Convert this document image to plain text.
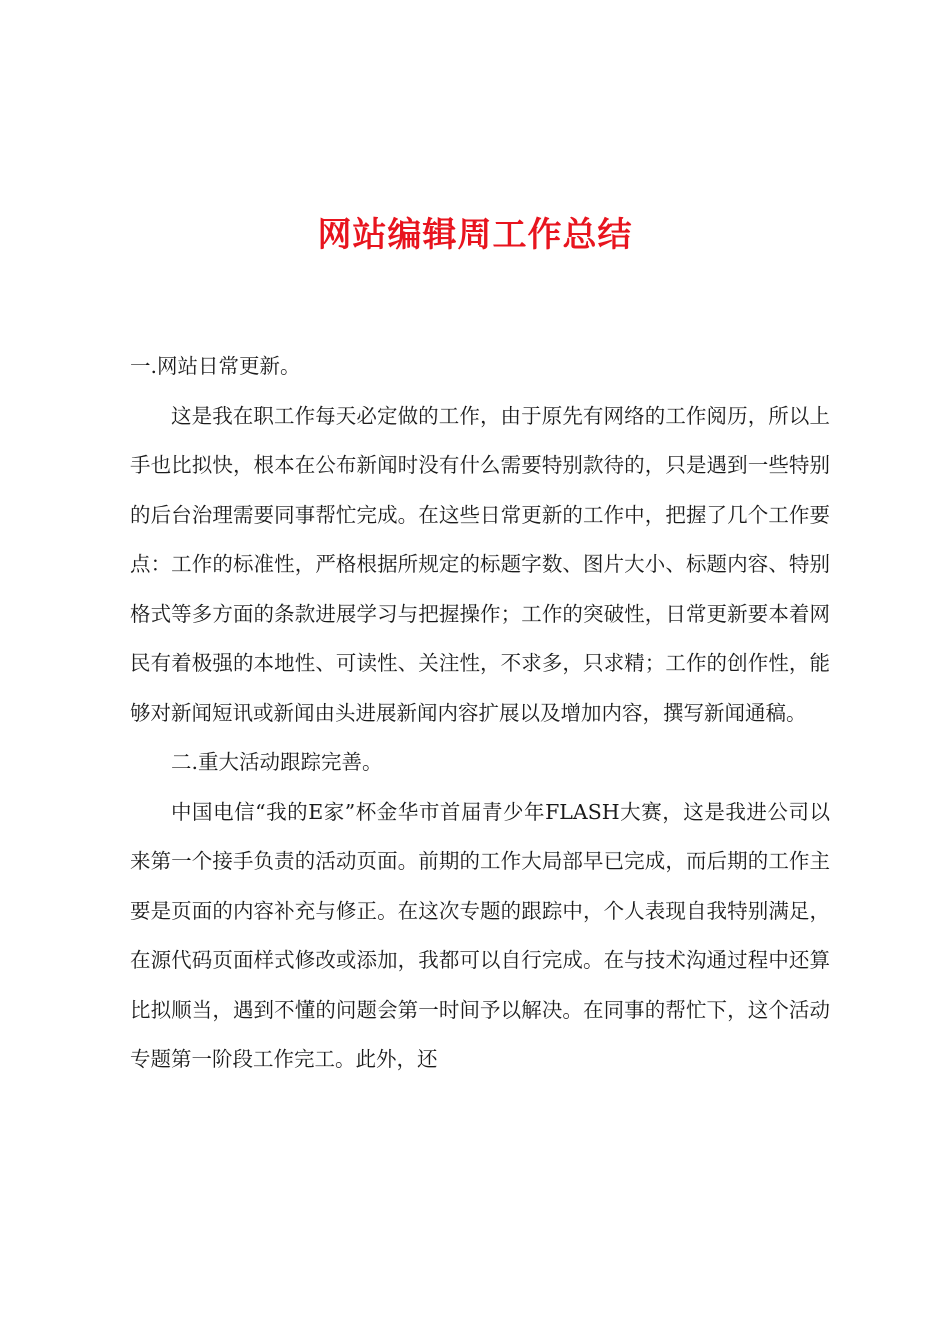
网站编辑周工作总结

一.网站日常更新。

这是我在职工作每天必定做的工作，由于原先有网络的工作阅历，所以上手也比拟快，根本在公布新闻时没有什么需要特别款待的，只是遇到一些特别的后台治理需要同事帮忙完成。在这些日常更新的工作中，把握了几个工作要点：工作的标准性，严格根据所规定的标题字数、图片大小、标题内容、特别格式等多方面的条款进展学习与把握操作；工作的突破性，日常更新要本着网民有着极强的本地性、可读性、关注性，不求多，只求精；工作的创作性，能够对新闻短讯或新闻由头进展新闻内容扩展以及增加内容，撰写新闻通稿。

二.重大活动跟踪完善。

中国电信“我的E家”杯金华市首届青少年FLASH大赛，这是我进公司以来第一个接手负责的活动页面。前期的工作大局部早已完成，而后期的工作主要是页面的内容补充与修正。在这次专题的跟踪中，个人表现自我特别满足，在源代码页面样式修改或添加，我都可以自行完成。在与技术沟通过程中还算比拟顺当，遇到不懂的问题会第一时间予以解决。在同事的帮忙下，这个活动专题第一阶段工作完工。此外，还
